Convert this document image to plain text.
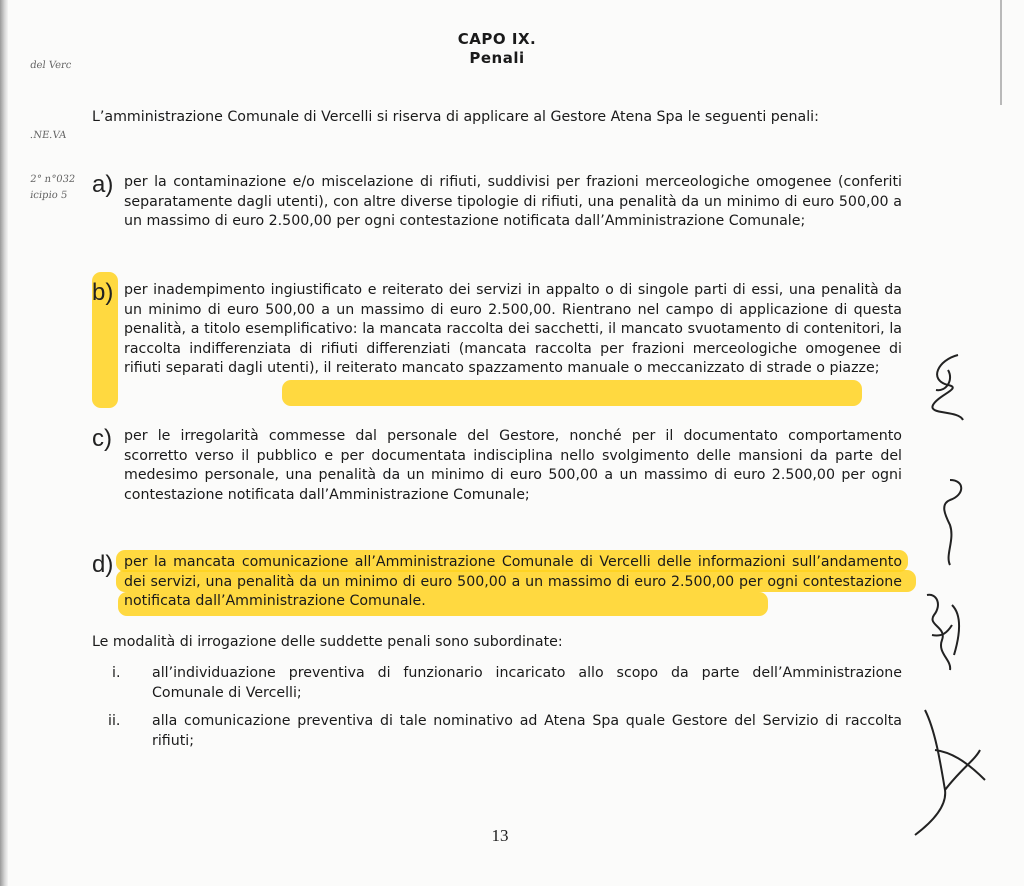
del Verc
.NE.VA
2° n°032
icipio 5
CAPO IX.
Penali
L’amministrazione Comunale di Vercelli si riserva di applicare al Gestore Atena Spa le seguenti penali:
a) per la contaminazione e/o miscelazione di rifiuti, suddivisi per frazioni merceologiche omogenee (conferiti separatamente dagli utenti), con altre diverse tipologie di rifiuti, una penalità da un minimo di euro 500,00 a un massimo di euro 2.500,00 per ogni contestazione notificata dall’Amministrazione Comunale;
b) per inadempimento ingiustificato e reiterato dei servizi in appalto o di singole parti di essi, una penalità da un minimo di euro 500,00 a un massimo di euro 2.500,00. Rientrano nel campo di applicazione di questa penalità, a titolo esemplificativo: la mancata raccolta dei sacchetti, il mancato svuotamento di contenitori, la raccolta indifferenziata di rifiuti differenziati (mancata raccolta per frazioni merceologiche omogenee di rifiuti separati dagli utenti), il reiterato mancato spazzamento manuale o meccanizzato di strade o piazze;
c) per le irregolarità commesse dal personale del Gestore, nonché per il documentato comportamento scorretto verso il pubblico e per documentata indisciplina nello svolgimento delle mansioni da parte del medesimo personale, una penalità da un minimo di euro 500,00 a un massimo di euro 2.500,00 per ogni contestazione notificata dall’Amministrazione Comunale;
d) per la mancata comunicazione all’Amministrazione Comunale di Vercelli delle informazioni sull’andamento dei servizi, una penalità da un minimo di euro 500,00 a un massimo di euro 2.500,00 per ogni contestazione notificata dall’Amministrazione Comunale.
Le modalità di irrogazione delle suddette penali sono subordinate:
i. all’individuazione preventiva di funzionario incaricato allo scopo da parte dell’Amministrazione Comunale di Vercelli;
ii. alla comunicazione preventiva di tale nominativo ad Atena Spa quale Gestore del Servizio di raccolta rifiuti;
13
